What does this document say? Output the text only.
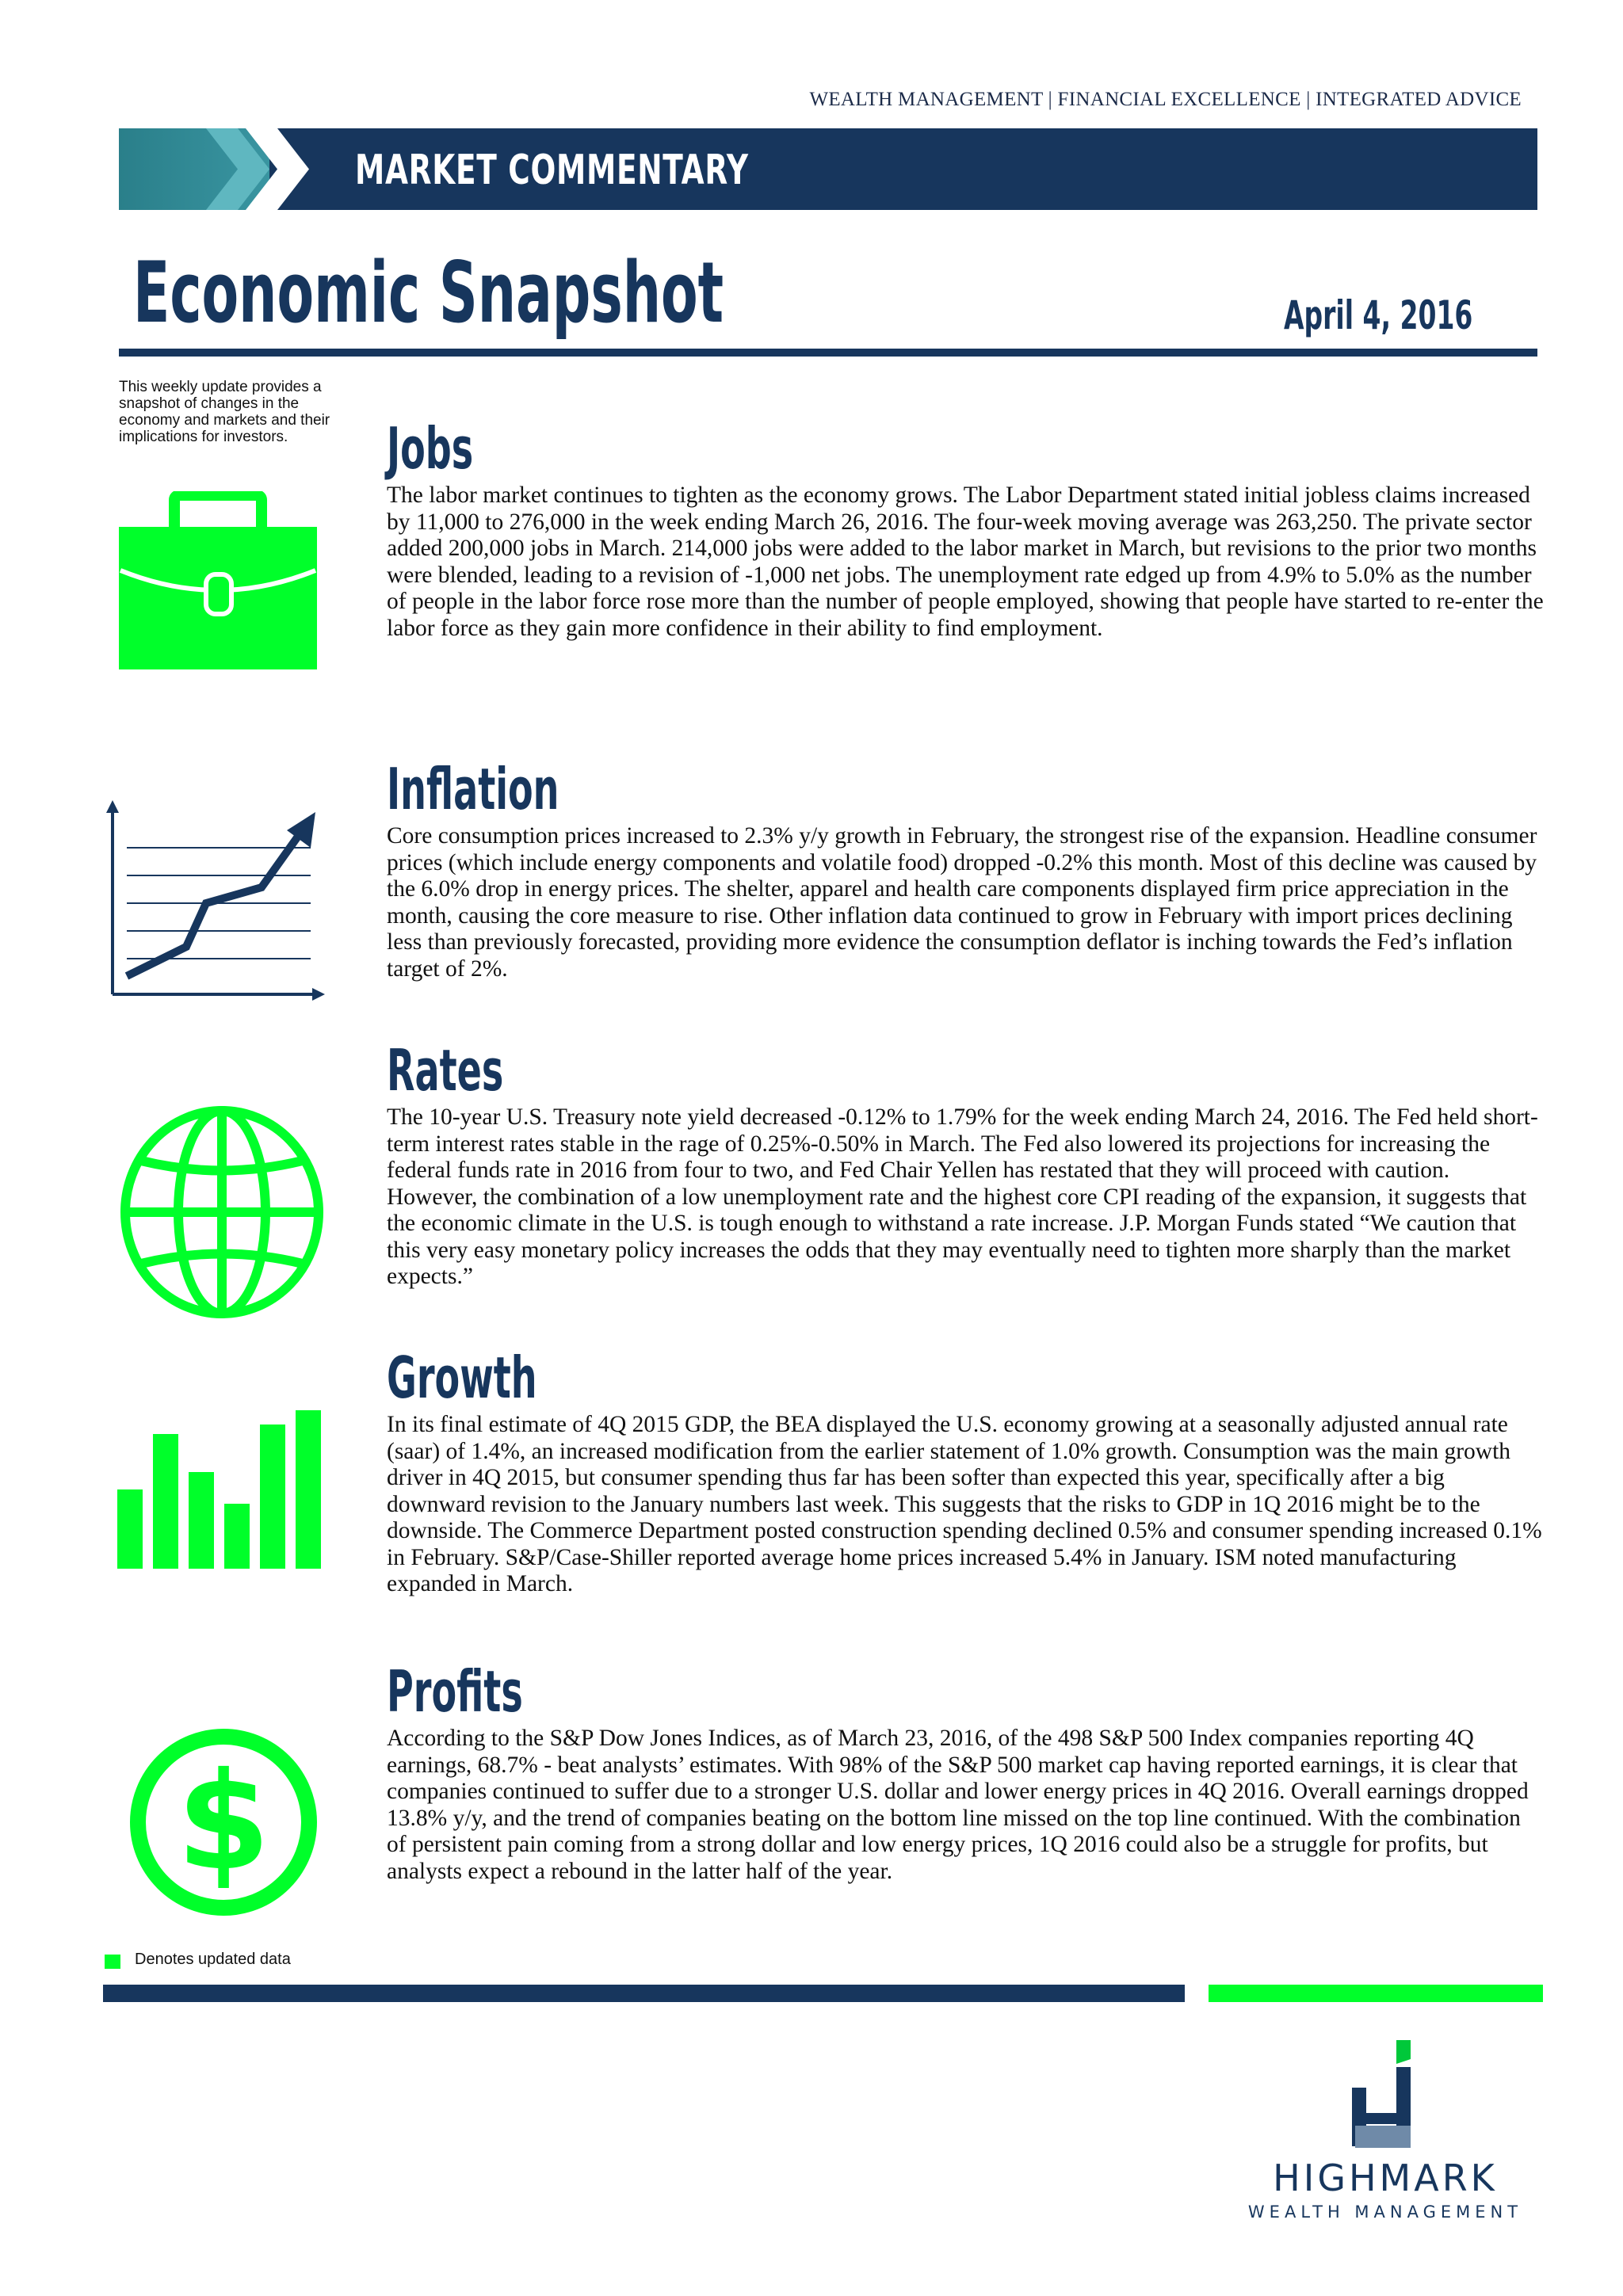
WEALTH MANAGEMENT | FINANCIAL EXCELLENCE | INTEGRATED ADVICE
MARKET COMMENTARY
Economic Snapshot	April 4, 2016
This weekly update provides a snapshot of changes in the economy and markets and their implications for investors.
$
Jobs

The labor market continues to tighten as the economy grows. The Labor Department stated initial jobless claims increased by 11,000 to 276,000 in the week ending March 26, 2016. The four-week moving average was 263,250. The private sector added 200,000 jobs in March. 214,000 jobs were added to the labor market in March, but revisions to the prior two months were blended, leading to a revision of -1,000 net jobs. The unemployment rate edged up from 4.9% to 5.0% as the number of people in the labor force rose more than the number of people employed, showing that people have started to re-enter the labor force as they gain more confidence in their ability to find employment.

Inflation

Core consumption prices increased to 2.3% y/y growth in February, the strongest rise of the expansion. Headline consumer prices (which include energy components and volatile food) dropped -0.2% this month. Most of this decline was caused by the 6.0% drop in energy prices. The shelter, apparel and health care components displayed firm price appreciation in the month, causing the core measure to rise. Other inflation data continued to grow in February with import prices declining less than previously forecasted, providing more evidence the consumption deflator is inching towards the Fed’s inflation target of 2%.

Rates

The 10-year U.S. Treasury note yield decreased -0.12% to 1.79% for the week ending March 24, 2016. The Fed held short-term interest rates stable in the rage of 0.25%-0.50% in March. The Fed also lowered its projections for increasing the federal funds rate in 2016 from four to two, and Fed Chair Yellen has restated that they will proceed with caution. However, the combination of a low unemployment rate and the highest core CPI reading of the expansion, it suggests that the economic climate in the U.S. is tough enough to withstand a rate increase. J.P. Morgan Funds stated “We caution that this very easy monetary policy increases the odds that they may eventually need to tighten more sharply than the market expects.”

Growth

In its final estimate of 4Q 2015 GDP, the BEA displayed the U.S. economy growing at a seasonally adjusted annual rate (saar) of 1.4%, an increased modification from the earlier statement of 1.0% growth. Consumption was the main growth driver in 4Q 2015, but consumer spending thus far has been softer than expected this year, specifically after a big downward revision to the January numbers last week. This suggests that the risks to GDP in 1Q 2016 might be to the downside. The Commerce Department posted construction spending declined 0.5% and consumer spending increased 0.1% in February. S&P/Case-Shiller reported average home prices increased 5.4% in January. ISM noted manufacturing expanded in March.

Profits

According to the S&P Dow Jones Indices, as of March 23, 2016, of the 498 S&P 500 Index companies reporting 4Q earnings, 68.7% - beat analysts’ estimates. With 98% of the S&P 500 market cap having reported earnings, it is clear that companies continued to suffer due to a stronger U.S. dollar and lower energy prices in 4Q 2016. Overall earnings dropped 13.8% y/y, and the trend of companies beating on the bottom line missed on the top line continued. With the combination of persistent pain coming from a strong dollar and low energy prices, 1Q 2016 could also be a struggle for profits, but analysts expect a rebound in the latter half of the year.

Denotes updated data
HIGHMARK
WEALTH MANAGEMENT
